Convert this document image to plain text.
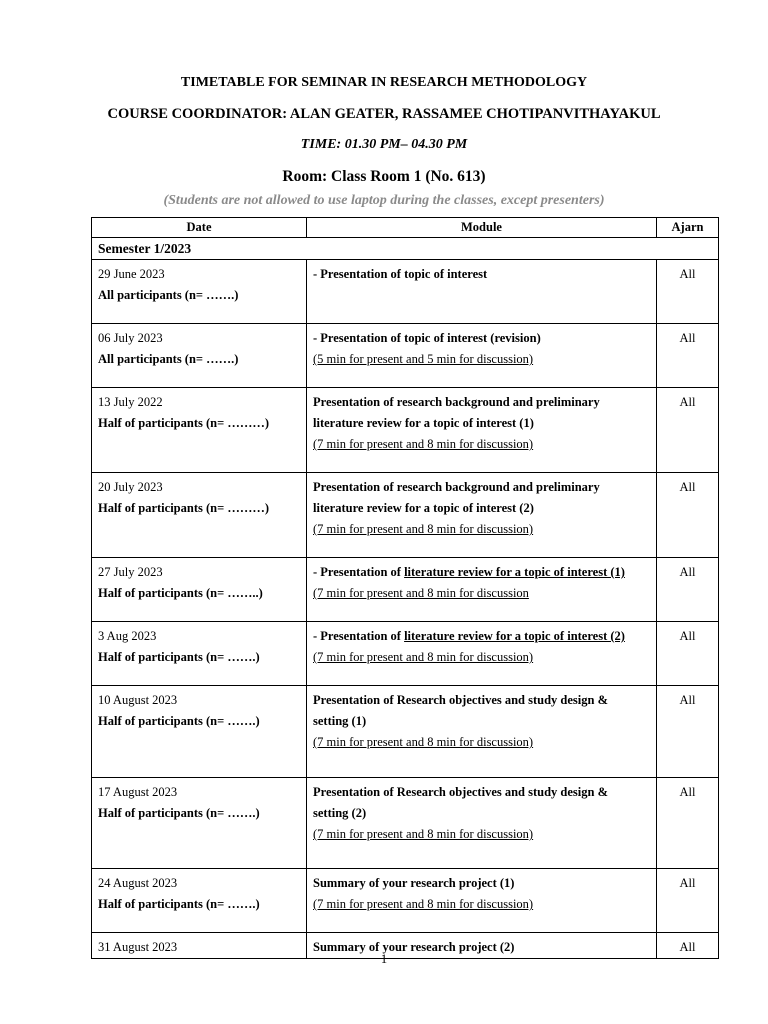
TIMETABLE FOR SEMINAR IN RESEARCH METHODOLOGY
COURSE COORDINATOR: ALAN GEATER, RASSAMEE CHOTIPANVITHAYAKUL
TIME: 01.30 PM– 04.30 PM
Room: Class Room 1 (No. 613)
(Students are not allowed to use laptop during the classes, except presenters)
Date	Module	Ajarn
Semester 1/2023		

29 June 2023
All participants (n= …….)	- Presentation of topic of interest	All

06 July 2023
All participants (n= …….)	- Presentation of topic of interest (revision)
(5 min for present and 5 min for discussion)	All

13 July 2022
Half of participants (n= ………)	Presentation of research background and preliminary
literature review for a topic of interest (1)
(7 min for present and 8 min for discussion)	All

20 July 2023
Half of participants (n= ………)	Presentation of research background and preliminary
literature review for a topic of interest (2)
(7 min for present and 8 min for discussion)	All

27 July 2023
Half of participants (n= ……..)	- Presentation of literature review for a topic of interest (1)
(7 min for present and 8 min for discussion	All

3 Aug 2023
Half of participants (n= …….)	- Presentation of literature review for a topic of interest (2)
(7 min for present and 8 min for discussion)	All

10 August 2023
Half of participants (n= …….)	Presentation of Research objectives and study design &
setting (1)
(7 min for present and 8 min for discussion)	All

17 August 2023
Half of participants (n= …….)	Presentation of Research objectives and study design &
setting (2)
(7 min for present and 8 min for discussion)	All

24 August 2023
Half of participants (n= …….)	Summary of your research project (1)
(7 min for present and 8 min for discussion)	All

31 August 2023	Summary of your research project (2)	All
1
